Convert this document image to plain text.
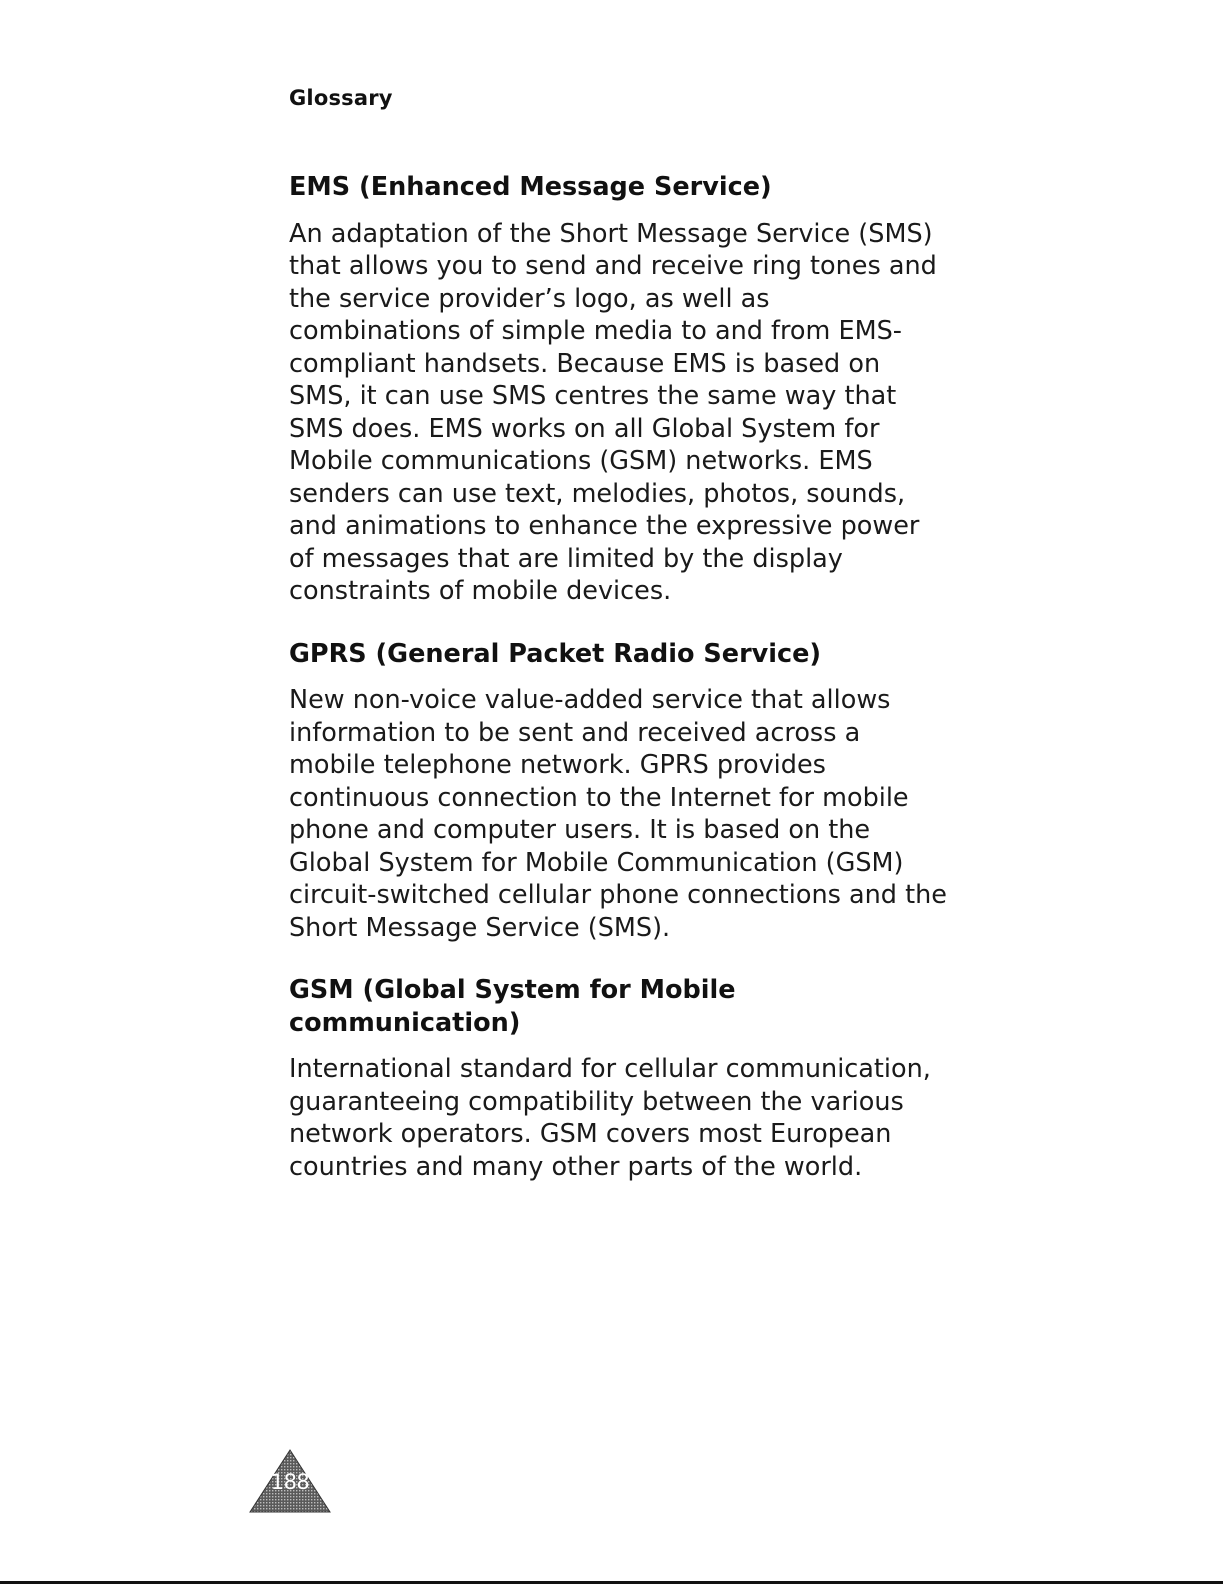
Glossary

EMS (Enhanced Message Service)

An adaptation of the Short Message Service (SMS) that allows you to send and receive ring tones and the service provider’s logo, as well as combinations of simple media to and from EMS-compliant handsets. Because EMS is based on SMS, it can use SMS centres the same way that SMS does. EMS works on all Global System for Mobile communications (GSM) networks. EMS senders can use text, melodies, photos, sounds, and animations to enhance the expressive power of messages that are limited by the display constraints of mobile devices.

GPRS (General Packet Radio Service)

New non-voice value-added service that allows information to be sent and received across a mobile telephone network. GPRS provides continuous connection to the Internet for mobile phone and computer users. It is based on the Global System for Mobile Communication (GSM) circuit-switched cellular phone connections and the Short Message Service (SMS).

GSM (Global System for Mobile communication)

International standard for cellular communication, guaranteeing compatibility between the various network operators. GSM covers most European countries and many other parts of the world.

188
